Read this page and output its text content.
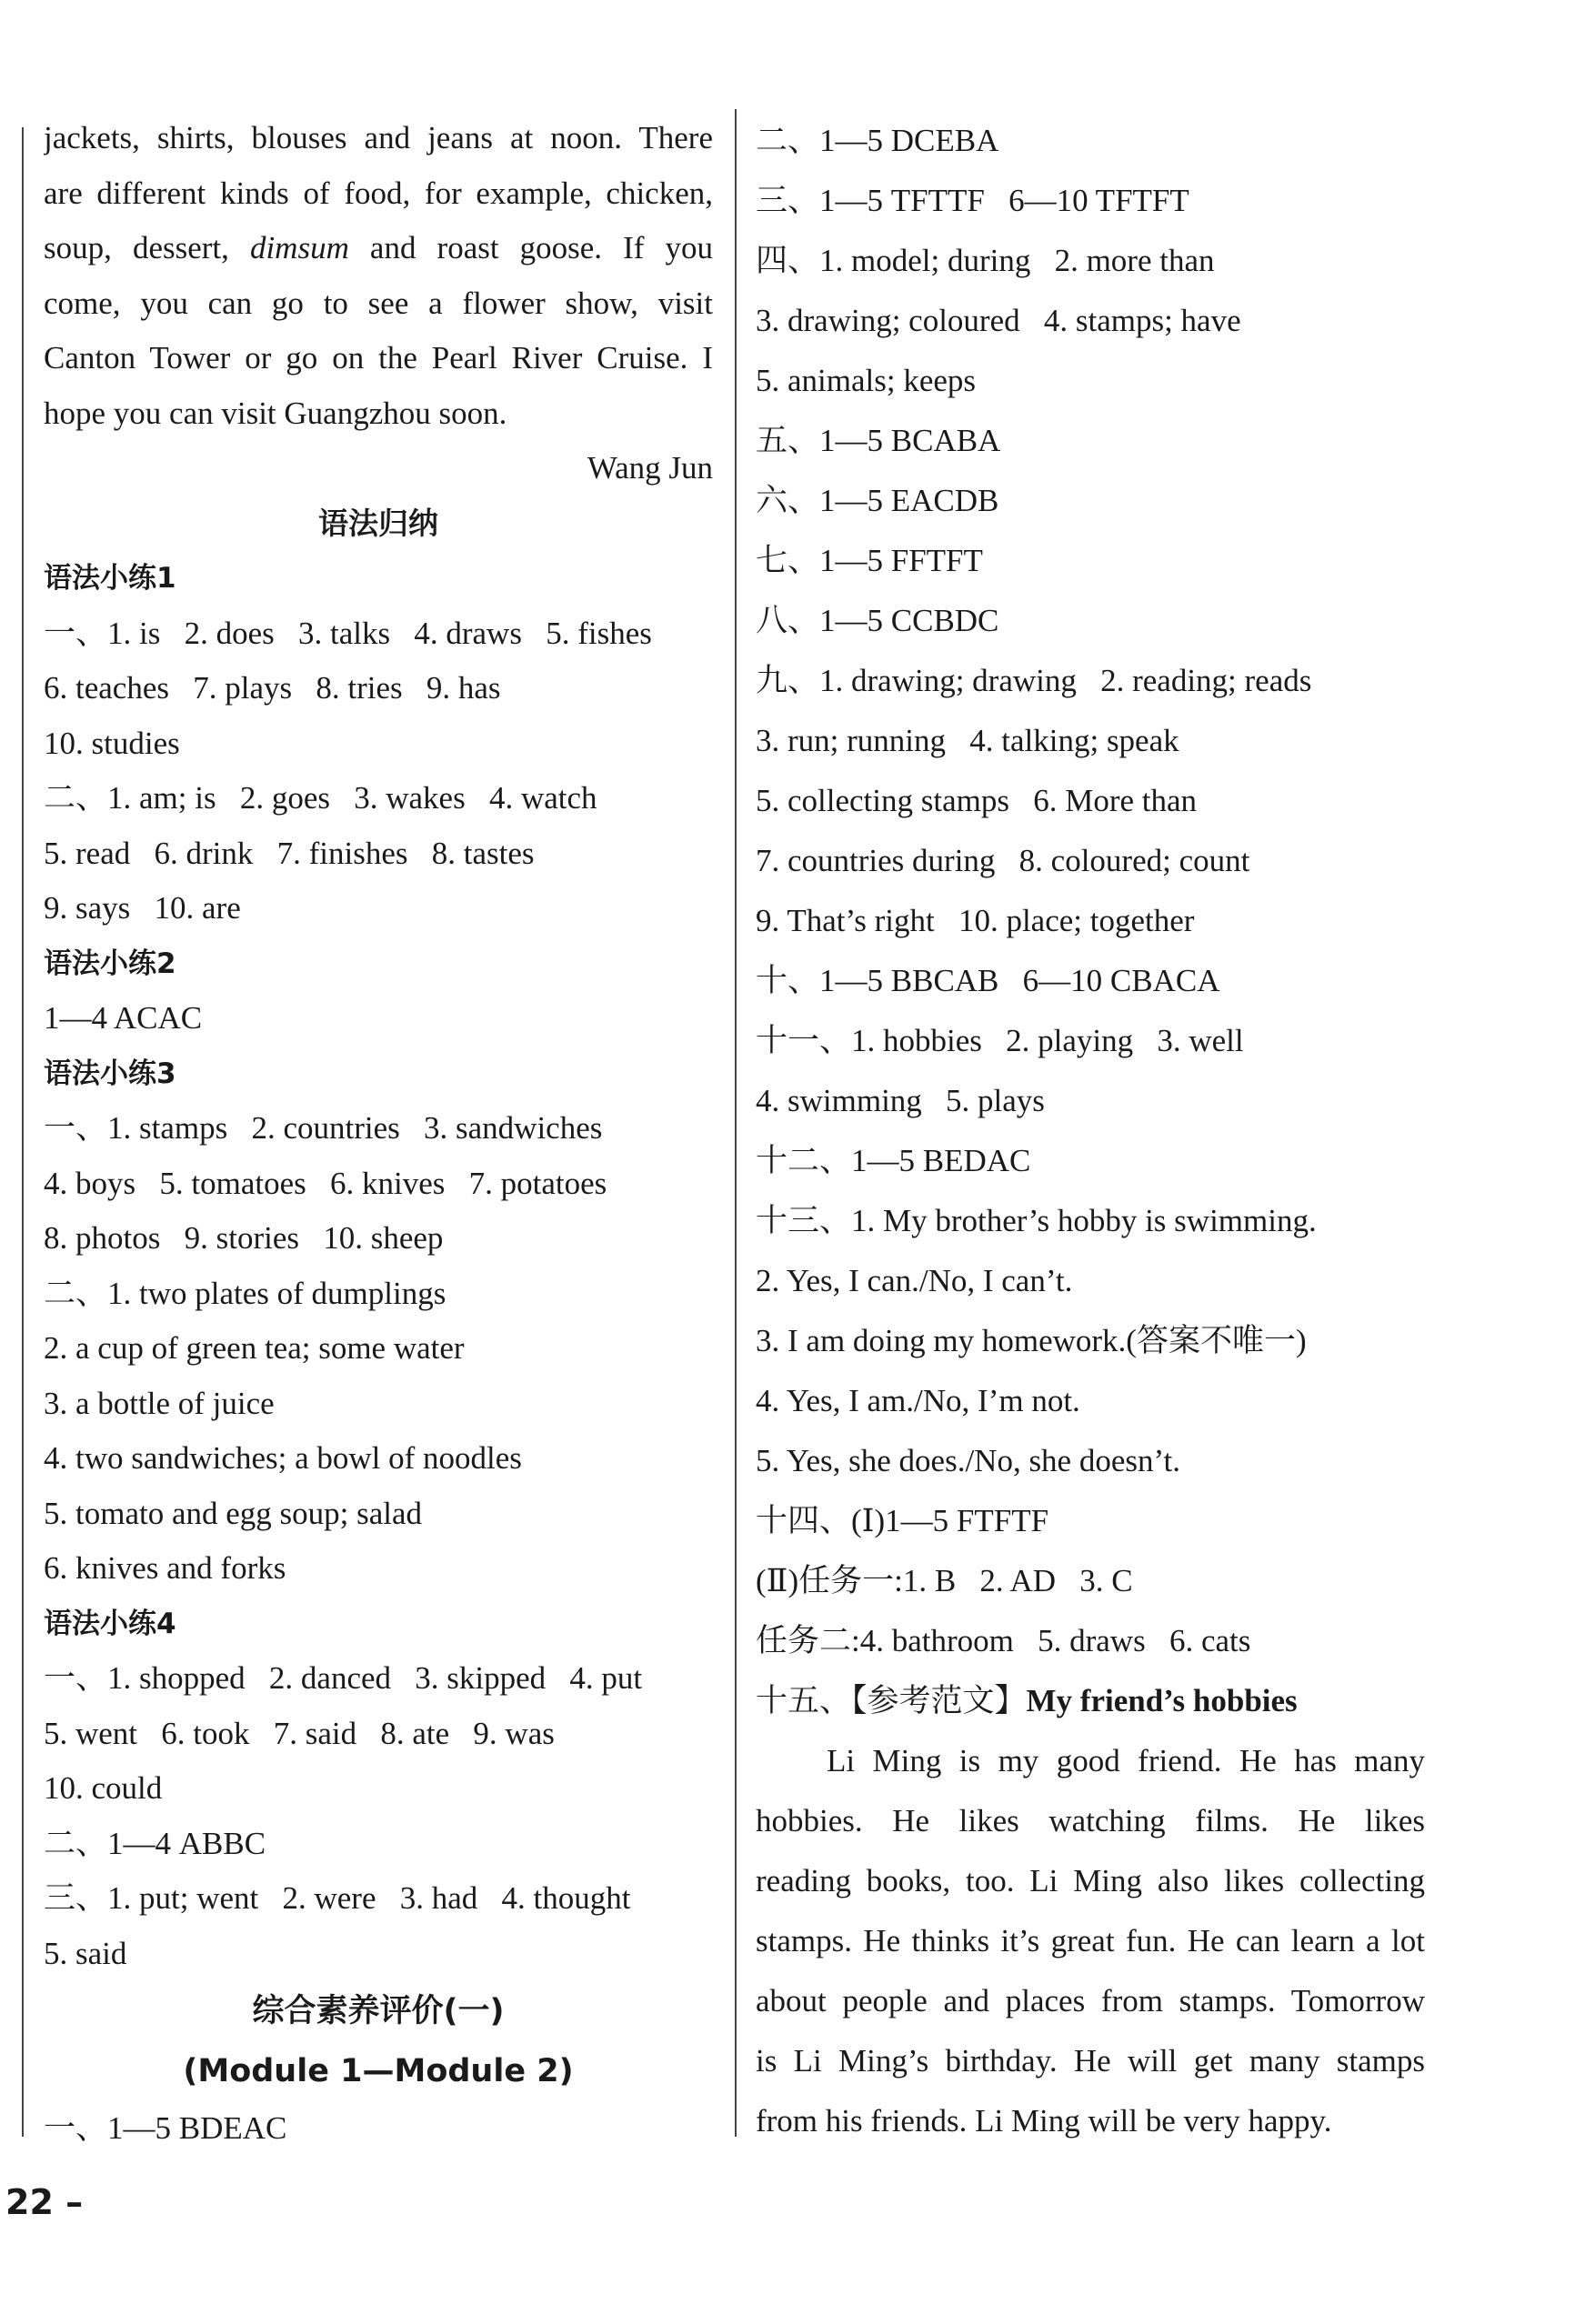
jackets, shirts, blouses and jeans at noon. There
are different kinds of food, for example, chicken,
soup, dessert, dimsum and roast goose. If you
come, you can go to see a flower show, visit
Canton Tower or go on the Pearl River Cruise. I
hope you can visit Guangzhou soon.
Wang Jun
语法归纳
语法小练1
一、1. is   2. does   3. talks   4. draws   5. fishes
6. teaches   7. plays   8. tries   9. has
10. studies
二、1. am; is   2. goes   3. wakes   4. watch
5. read   6. drink   7. finishes   8. tastes
9. says   10. are
语法小练2
1—4 ACAC
语法小练3
一、1. stamps   2. countries   3. sandwiches
4. boys   5. tomatoes   6. knives   7. potatoes
8. photos   9. stories   10. sheep
二、1. two plates of dumplings
2. a cup of green tea; some water
3. a bottle of juice
4. two sandwiches; a bowl of noodles
5. tomato and egg soup; salad
6. knives and forks
语法小练4
一、1. shopped   2. danced   3. skipped   4. put
5. went   6. took   7. said   8. ate   9. was
10. could
二、1—4 ABBC
三、1. put; went   2. were   3. had   4. thought
5. said
综合素养评价(一)
(Module 1—Module 2)
一、1—5 BDEAC
二、1—5 DCEBA
三、1—5 TFTTF   6—10 TFTFT
四、1. model; during   2. more than
3. drawing; coloured   4. stamps; have
5. animals; keeps
五、1—5 BCABA
六、1—5 EACDB
七、1—5 FFTFT
八、1—5 CCBDC
九、1. drawing; drawing   2. reading; reads
3. run; running   4. talking; speak
5. collecting stamps   6. More than
7. countries during   8. coloured; count
9. That’s right   10. place; together
十、1—5 BBCAB   6—10 CBACA
十一、1. hobbies   2. playing   3. well
4. swimming   5. plays
十二、1—5 BEDAC
十三、1. My brother’s hobby is swimming.
2. Yes, I can./No, I can’t.
3. I am doing my homework.(答案不唯一)
4. Yes, I am./No, I’m not.
5. Yes, she does./No, she doesn’t.
十四、(Ⅰ)1—5 FTFTF
(Ⅱ)任务一:1. B   2. AD   3. C
任务二:4. bathroom   5. draws   6. cats
十五、【参考范文】My friend’s hobbies
Li Ming is my good friend. He has many
hobbies. He likes watching films. He likes
reading books, too. Li Ming also likes collecting
stamps. He thinks it’s great fun. He can learn a lot
about people and places from stamps. Tomorrow
is Li Ming’s birthday. He will get many stamps
from his friends. Li Ming will be very happy.
22 –
